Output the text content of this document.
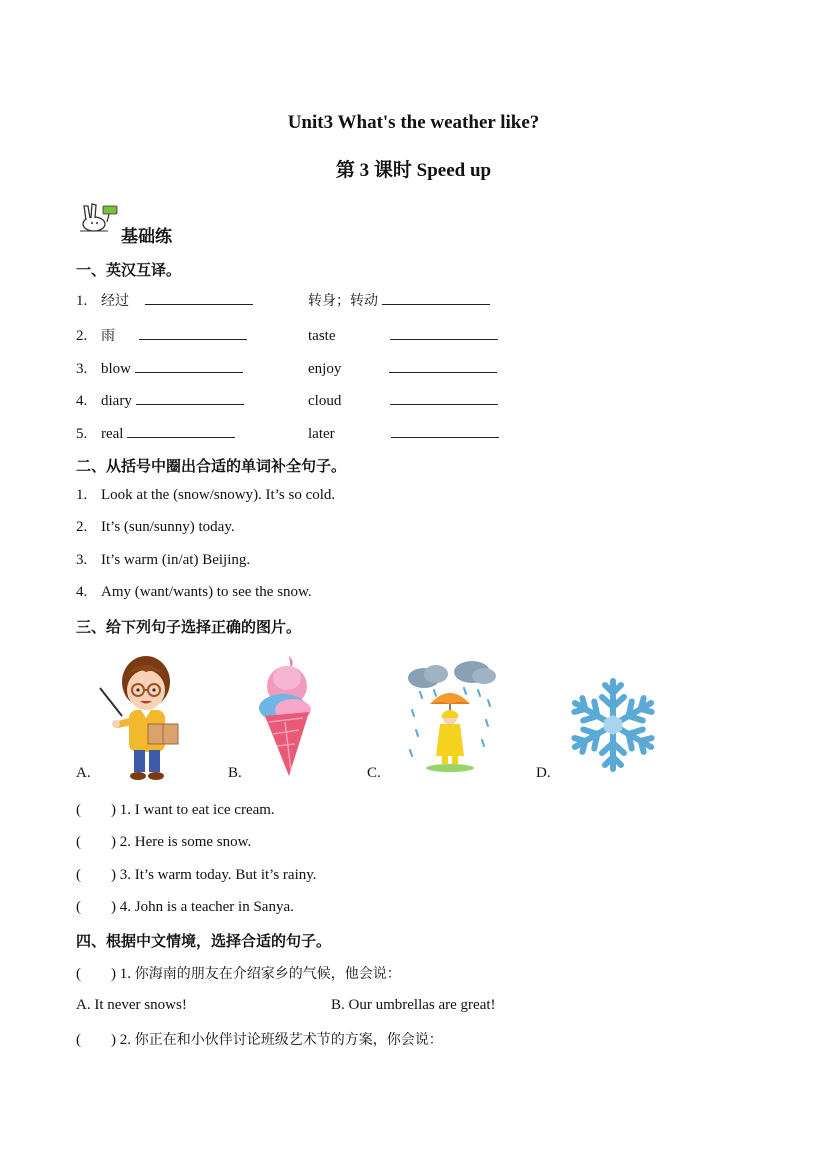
Unit3 What's the weather like?
第 3 课时 Speed up
基础练
一、英汉互译。
1. 经过	转身；转动
2. 雨	taste
3. blow	enjoy
4. diary	cloud
5. real	later
二、从括号中圈出合适的单词补全句子。
1. Look at the (snow/snowy). It’s so cold.
2. It’s (sun/sunny) today.
3. It’s warm (in/at) Beijing.
4. Amy (want/wants) to see the snow.
三、给下列句子选择正确的图片。
A.	B.	C.	D.
( ) 1. I want to eat ice cream.
( ) 2. Here is some snow.
( ) 3. It’s warm today. But it’s rainy.
( ) 4. John is a teacher in Sanya.
四、根据中文情境，选择合适的句子。
( ) 1. 你海南的朋友在介绍家乡的气候，他会说：
A. It never snows!	B. Our umbrellas are great!
( ) 2. 你正在和小伙伴讨论班级艺术节的方案，你会说：
